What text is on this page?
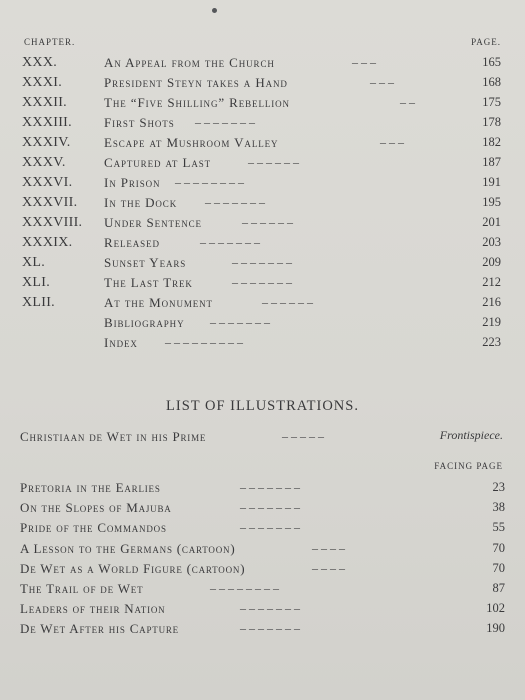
CHAPTER.	PAGE.
XXX.	An Appeal from the Church	– – –	165
XXXI.	President Steyn takes a Hand	– – –	168
XXXII.	The “Five Shilling” Rebellion	– –	175
XXXIII. First Shots – – – – – – –	178
XXXIV.	Escape at Mushroom Valley	– – –	182
XXXV.	Captured at Last	– – – – – –	187
XXXVI. In Prison – – – – – – – –	191
XXXVII. In the Dock – – – – – – –	195
XXXVIII. Under Sentence	– – – – – –	201
XXXIX. Released	– – – – – – –	203
XL.	Sunset Years	– – – – – – –	209
XLI.	The Last Trek	– – – – – – –	212
XLII.	At the Monument	– – – – – –	216
Bibliography – – – – – – –	219
Index – – – – – – – – –	223
LIST OF ILLUSTRATIONS.
Christiaan de Wet in his Prime	– – – – –	Frontispiece.
FACING PAGE
Pretoria in the Earlies	– – – – – – –	23
On the Slopes of Majuba	– – – – – – –	38
Pride of the Commandos	– – – – – – –	55
A Lesson to the Germans (cartoon)	– – – –	70
De Wet as a World Figure (cartoon)	– – – –	70
The Trail of de Wet	– – – – – – – –	87
Leaders of their Nation	– – – – – – –	102
De Wet After his Capture	– – – – – – –	190
